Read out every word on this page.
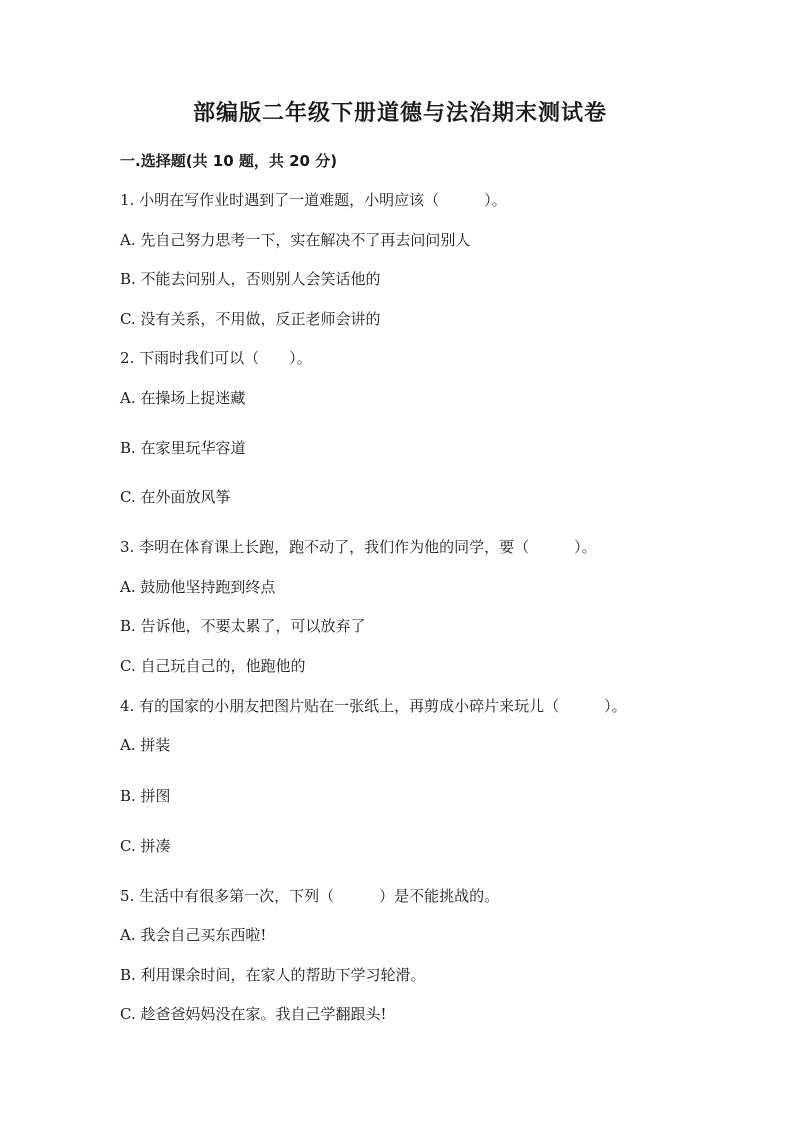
部编版二年级下册道德与法治期末测试卷
一.选择题(共 10 题，共 20 分)
1. 小明在写作业时遇到了一道难题，小明应该（　　　）。
A. 先自己努力思考一下，实在解决不了再去问问别人
B. 不能去问别人，否则别人会笑话他的
C. 没有关系，不用做，反正老师会讲的
2. 下雨时我们可以（　　）。
A. 在操场上捉迷藏
B. 在家里玩华容道
C. 在外面放风筝
3. 李明在体育课上长跑，跑不动了，我们作为他的同学，要（　　　）。
A. 鼓励他坚持跑到终点
B. 告诉他，不要太累了，可以放弃了
C. 自己玩自己的，他跑他的
4. 有的国家的小朋友把图片贴在一张纸上，再剪成小碎片来玩儿（　　　）。
A. 拼装
B. 拼图
C. 拼凑
5. 生活中有很多第一次，下列（　　　）是不能挑战的。
A. 我会自己买东西啦!
B. 利用课余时间，在家人的帮助下学习轮滑。
C. 趁爸爸妈妈没在家。我自己学翻跟头!
